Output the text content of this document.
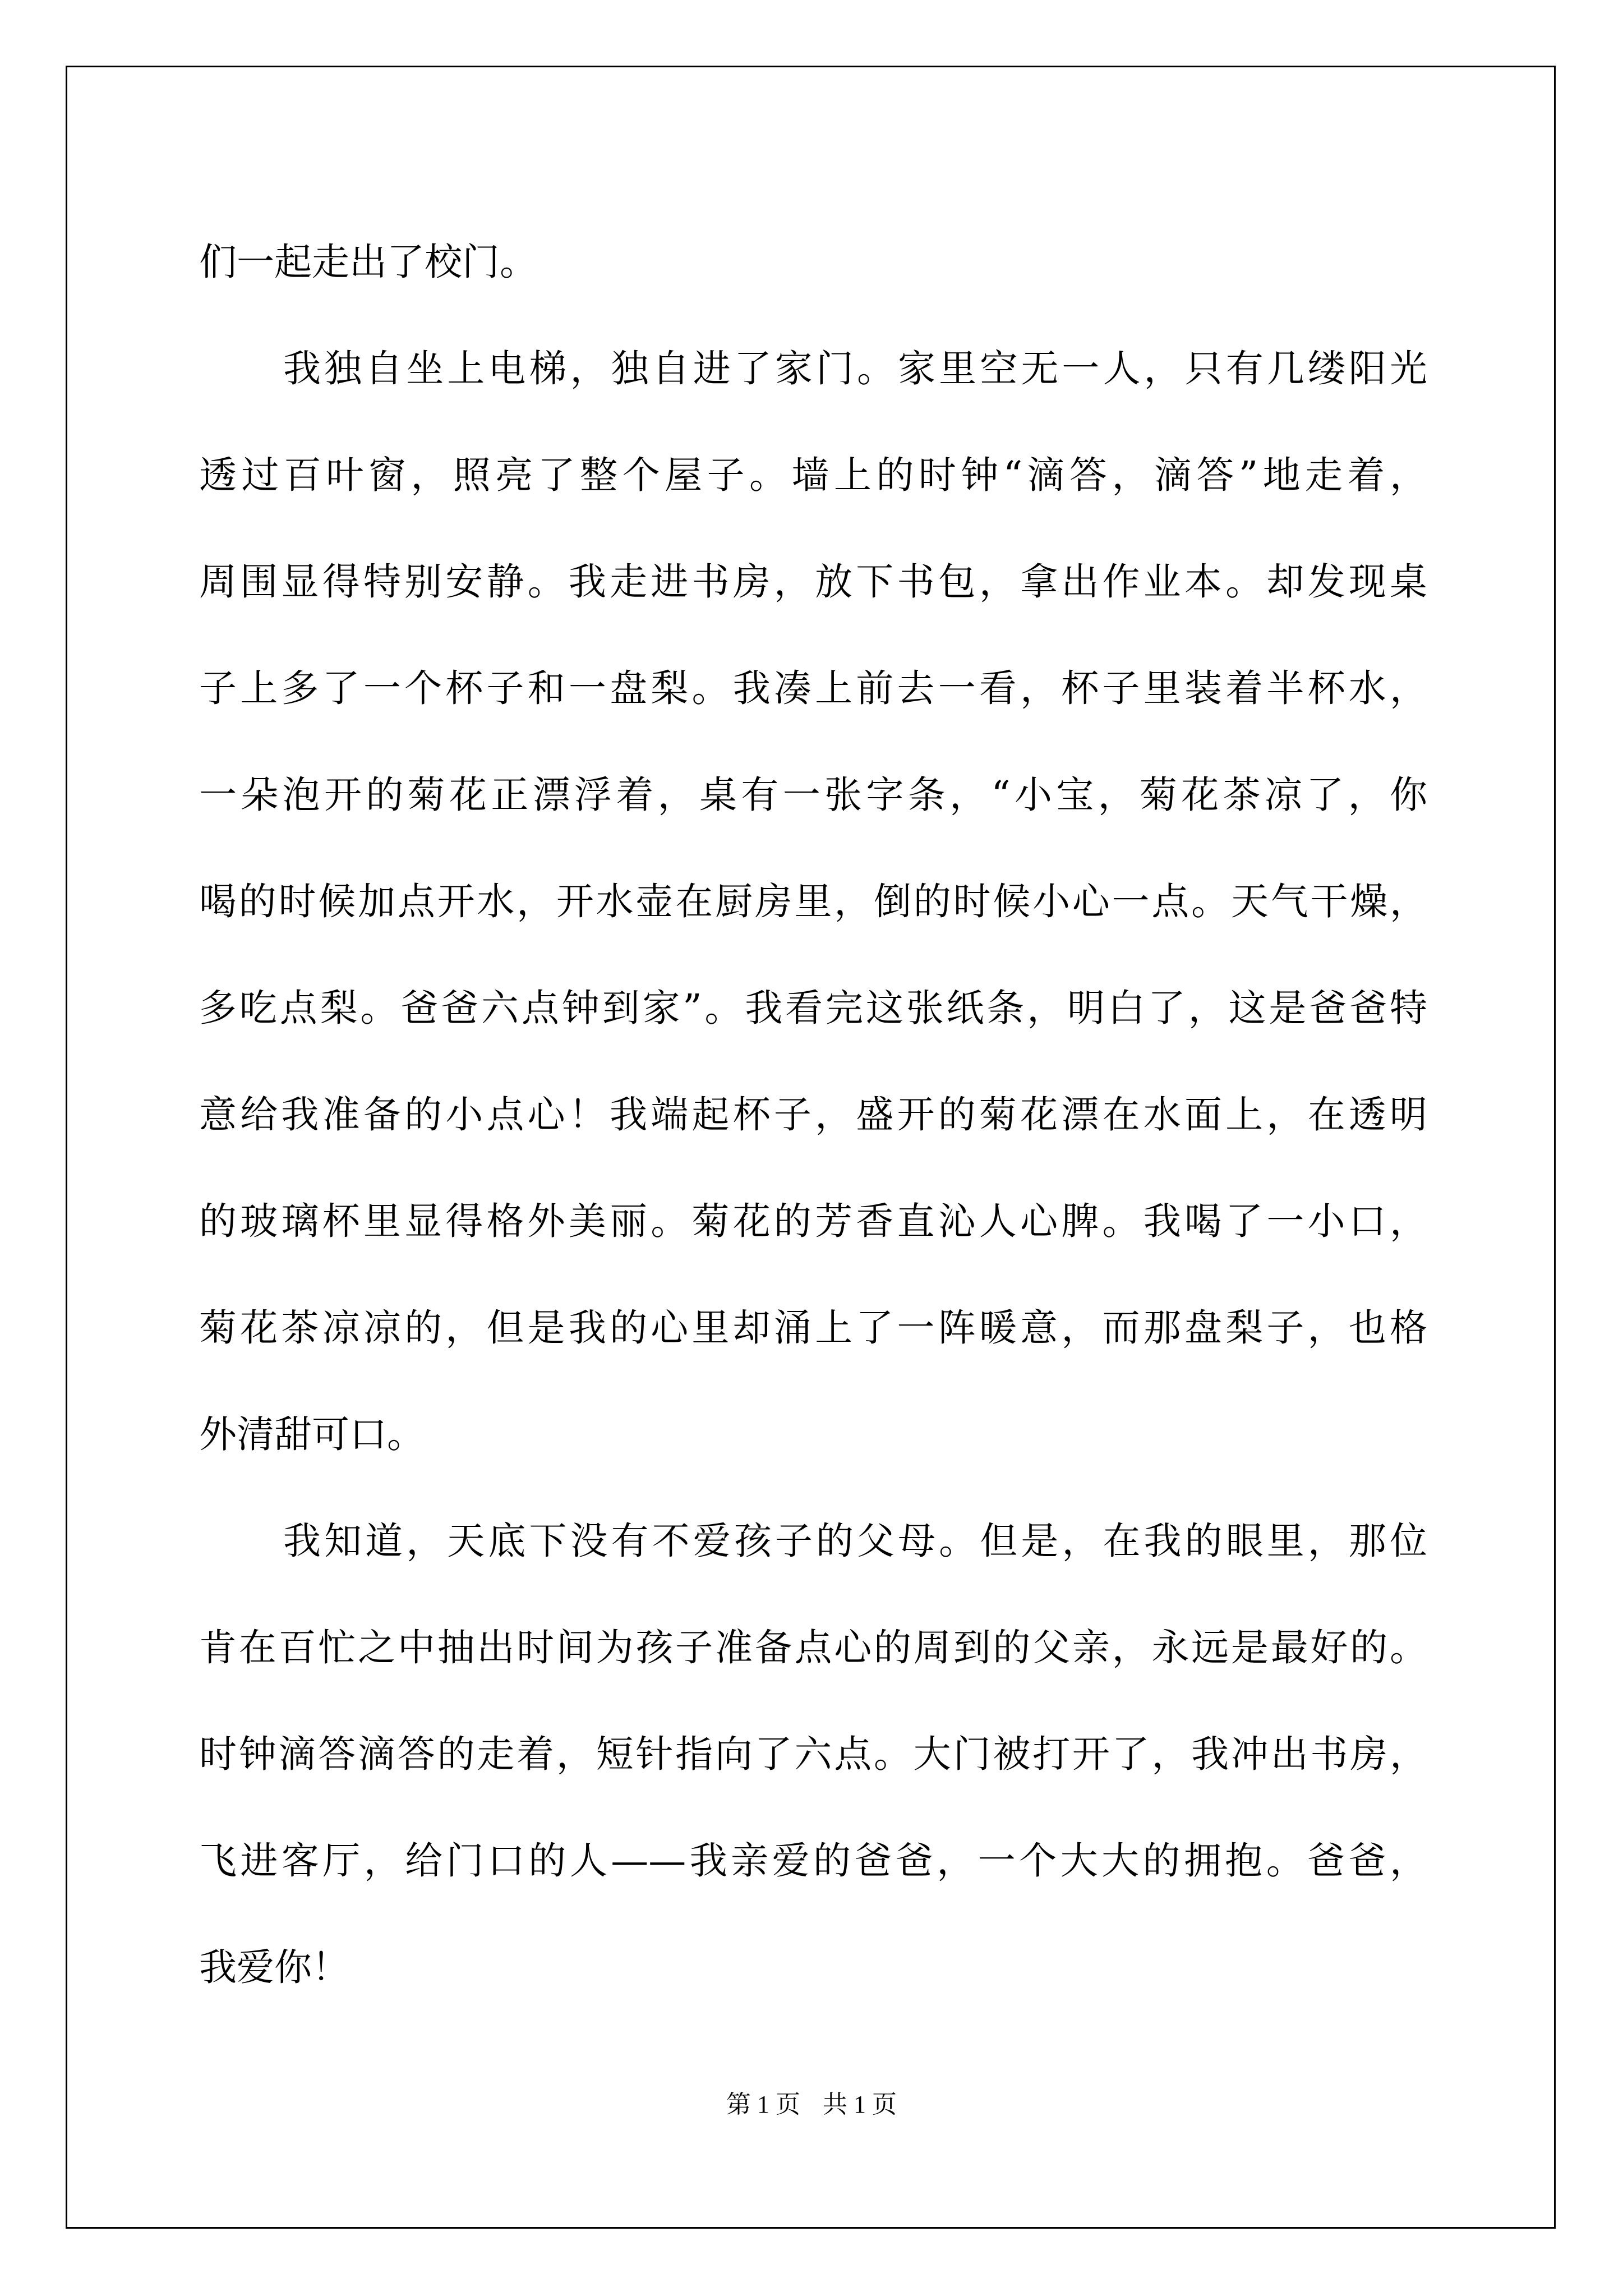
们一起走出了校门。

我独自坐上电梯，独自进了家门。家里空无一人，只有几缕阳光
透过百叶窗，照亮了整个屋子。墙上的时钟“滴答，滴答”地走着，
周围显得特别安静。我走进书房，放下书包，拿出作业本。却发现桌
子上多了一个杯子和一盘梨。我凑上前去一看，杯子里装着半杯水，
一朵泡开的菊花正漂浮着，桌有一张字条，“小宝，菊花茶凉了，你
喝的时候加点开水，开水壶在厨房里，倒的时候小心一点。天气干燥，
多吃点梨。爸爸六点钟到家”。我看完这张纸条，明白了，这是爸爸特
意给我准备的小点心！我端起杯子，盛开的菊花漂在水面上，在透明
的玻璃杯里显得格外美丽。菊花的芳香直沁人心脾。我喝了一小口，
菊花茶凉凉的，但是我的心里却涌上了一阵暖意，而那盘梨子，也格
外清甜可口。

我知道，天底下没有不爱孩子的父母。但是，在我的眼里，那位
肯在百忙之中抽出时间为孩子准备点心的周到的父亲，永远是最好的。
时钟滴答滴答的走着，短针指向了六点。大门被打开了，我冲出书房，
飞进客厅，给门口的人——我亲爱的爸爸，一个大大的拥抱。爸爸，
我爱你！

第 1 页 共 1 页
